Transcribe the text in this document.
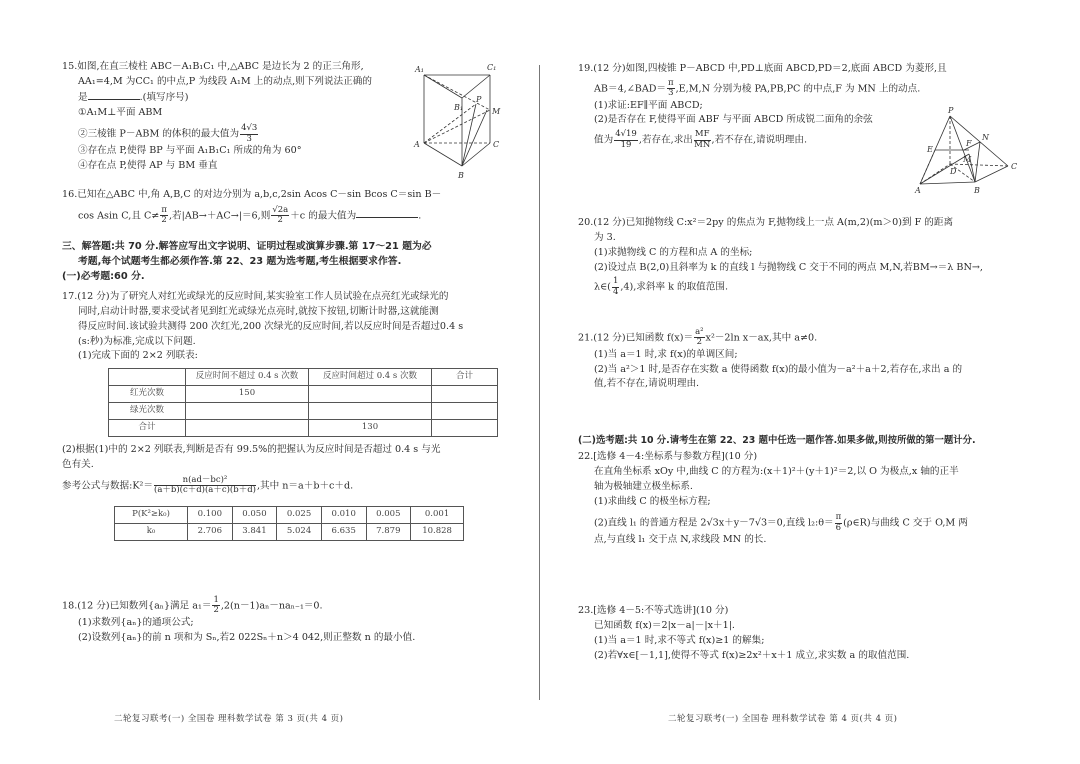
15.如图,在直三棱柱 ABC－A₁B₁C₁ 中,△ABC 是边长为 2 的正三角形,
AA₁=4,M 为CC₁ 的中点,P 为线段 A₁M 上的动点,则下列说法正确的
是	.(填写序号)
①A₁M⊥平面 ABM
②三棱锥 P－ABM 的体积的最大值为 $\frac{4√3}{3}$
③存在点 P,使得 BP 与平面 A₁B₁C₁ 所成的角为 60°
④存在点 P,使得 AP 与 BM 垂直
A₁	C₁
B₁
P
M
A	C
B
16.已知在△ABC 中,角 A,B,C 的对边分别为 a,b,c,2sin Acos C－sin Bcos C＝sin B－
cos Asin C,且 $C\ne \frac{\pi}{2}$ ,若|AB→＋AC→|＝6,则 $\frac{√2a}{2} +c$ 的最大值为	.
三、解答题:共 70 分.解答应写出文字说明、证明过程或演算步骤.第 17～21 题为必
考题,每个试题考生都必须作答.第 22、23 题为选考题,考生根据要求作答.
(一)必考题:60 分.
17.(12 分)为了研究人对红光或绿光的反应时间,某实验室工作人员试验在点亮红光或绿光的
同时,启动计时器,要求受试者见到红光或绿光点亮时,就按下按钮,切断计时器,这就能测
得反应时间.该试验共测得 200 次红光,200 次绿光的反应时间,若以反应时间是否超过0.4 s
(s:秒)为标准,完成以下问题.
(1)完成下面的 2×2 列联表:
	反应时间不超过 0.4 s 次数	反应时间超过 0.4 s 次数	合计
红光次数	150		
绿光次数			
合计		130	
(2)根据(1)中的 2×2 列联表,判断是否有 99.5%的把握认为反应时间是否超过 0.4 s 与光
色有关.
参考公式与数据:K²＝ $\frac{\text{n(ad－bc)²}}{(a+b)(c+d)(a+c)(b+d)}$ ,其中 n＝a＋b＋c＋d.
P(K²≥k₀)	0.100	0.050	0.025	0.010	0.005	0.001
k₀	2.706	3.841	5.024	6.635	7.879	10.828
18.(12 分)已知数列{aₙ}满足 $a_1= \frac{1}{2} ,2(n-1)a_n-na_{n-1}=0$.
(1)求数列{aₙ}的通项公式;
(2)设数列{aₙ}的前 n 项和为 Sₙ,若2 022Sₙ＋n＞4 042,则正整数 n 的最小值.
二轮复习联考(一) 全国卷 理科数学试卷 第 3 页(共 4 页)
19.(12 分)如图,四棱锥 P－ABCD 中,PD⊥底面 ABCD,PD＝2,底面 ABCD 为菱形,且
AB＝4,∠BAD＝ $\frac{\pi}{3} ,E,M,N$ 分别为棱 PA,PB,PC 的中点,F 为 MN 上的动点.
(1)求证:EF∥平面 ABCD;
(2)是否存在 F,使得平面 ABF 与平面 ABCD 所成锐二面角的余弦
值为 $\frac{4√19}{19}$ ,若存在,求出 $\frac{MF}{MN}$ ,若不存在,请说明理由.
P
N
E
F
M
D
C
A	B
20.(12 分)已知抛物线 C:x²＝2py 的焦点为 F,抛物线上一点 A(m,2)(m＞0)到 F 的距离
为 3.
(1)求抛物线 C 的方程和点 A 的坐标;
(2)设过点 B(2,0)且斜率为 k 的直线 l 与抛物线 C 交于不同的两点 M,N,若BM→＝λ BN→,
λ∈( $\frac{1}{4} ,4$),求斜率 k 的取值范围.
21.(12 分)已知函数 $f(x)= \frac{\text{a²}}{2} x^2-2\ln$ x－ax,其中 a≠0.
(1)当 a＝1 时,求 f(x)的单调区间;
(2)当 a²＞1 时,是否存在实数 a 使得函数 f(x)的最小值为－a²＋a＋2,若存在,求出 a 的
值,若不存在,请说明理由.
(二)选考题:共 10 分.请考生在第 22、23 题中任选一题作答.如果多做,则按所做的第一题计分.
22.[选修 4－4:坐标系与参数方程](10 分)
在直角坐标系 xOy 中,曲线 C 的方程为:(x＋1)²＋(y＋1)²＝2,以 O 为极点,x 轴的正半
轴为极轴建立极坐标系.
(1)求曲线 C 的极坐标方程;
(2)直线 l₁ 的普通方程是 2√3x＋y－7√3＝0,直线 l₂:θ＝ $\frac{\pi}{6}$ (ρ∈R)与曲线 C 交于 O,M 两
点,与直线 l₁ 交于点 N,求线段 MN 的长.
23.[选修 4－5:不等式选讲](10 分)
已知函数 f(x)＝2|x－a|－|x＋1|.
(1)当 a＝1 时,求不等式 f(x)≥1 的解集;
(2)若∀x∈[－1,1],使得不等式 f(x)≥2x²＋x＋1 成立,求实数 a 的取值范围.
二轮复习联考(一) 全国卷 理科数学试卷 第 4 页(共 4 页)
